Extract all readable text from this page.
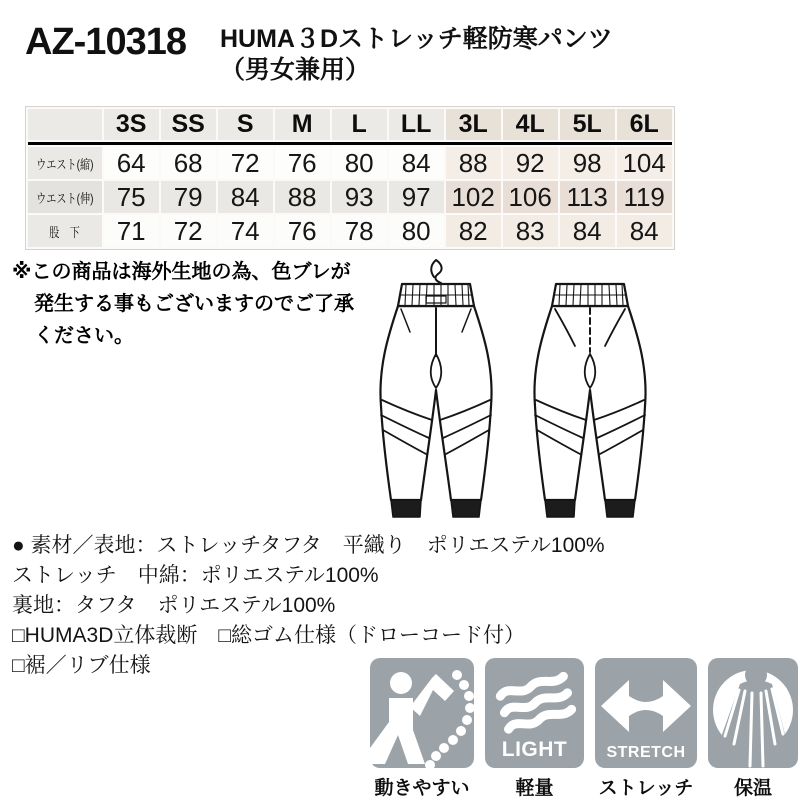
AZ-10318 HUMA３Dストレッチ軽防寒パンツ
（男女兼用）
	3S	SS	S	M	L	LL	3L	4L	5L	6L

ウエスト(縮)	64	68	72	76	80	84	88	92	98	104
ウエスト(伸)	75	79	84	88	93	97	102	106	113	119
股　下	71	72	74	76	78	80	82	83	84	84
※この商品は海外生地の為、色ブレが
発生する事もございますのでご了承
ください。
● 素材／表地：ストレッチタフタ　平織り　ポリエステル100%
ストレッチ　中綿：ポリエステル100%
裏地：タフタ　ポリエステル100%
□HUMA3D立体裁断　□総ゴム仕様（ドローコード付）
□裾／リブ仕様
動きやすい
LIGHT
軽量
STRETCH
ストレッチ 保温
